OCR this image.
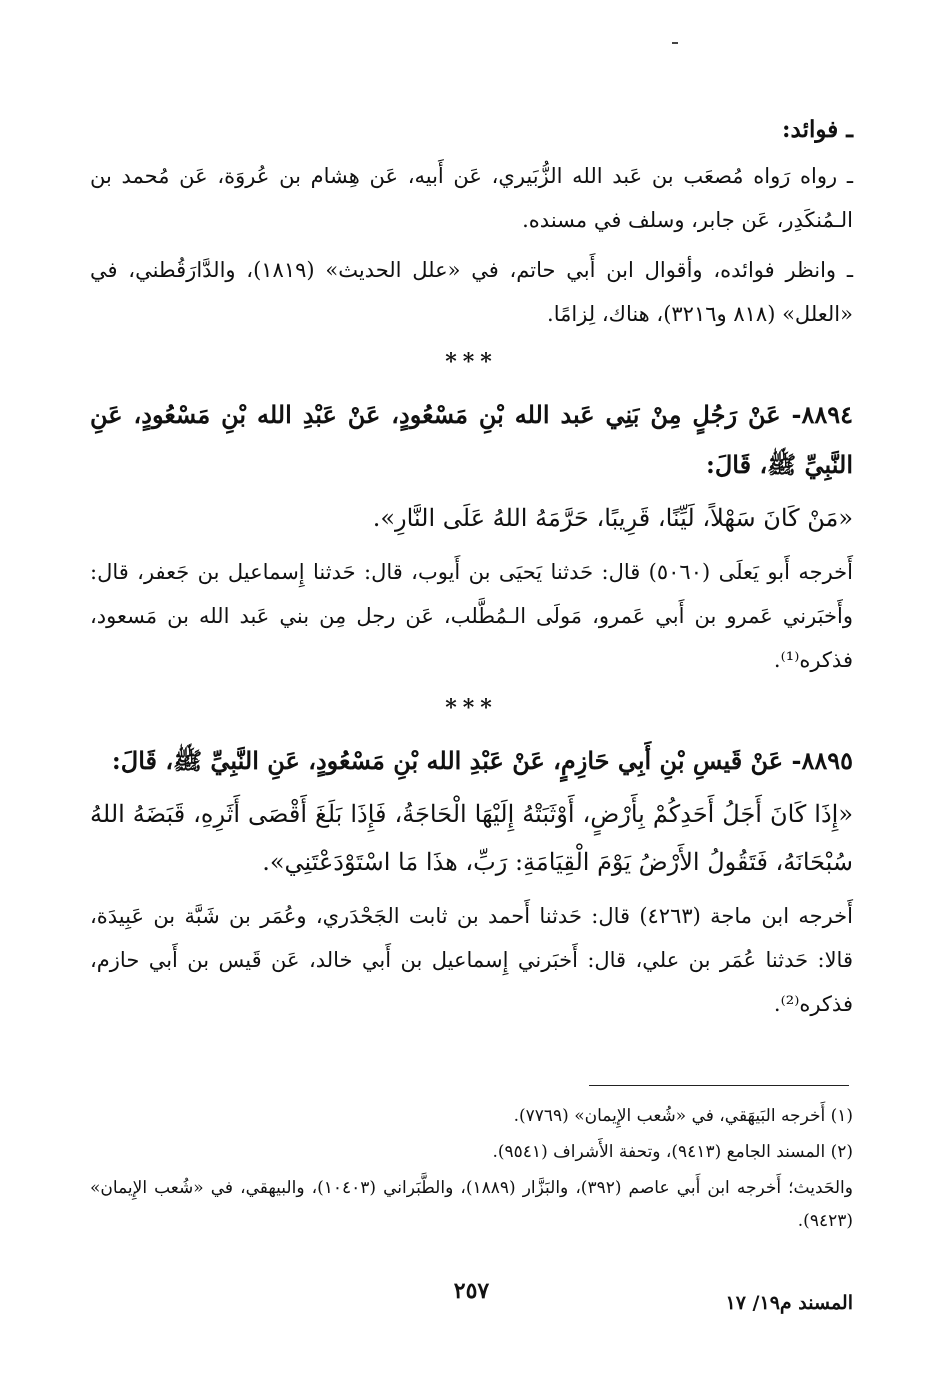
ـ فوائد:

ـ رواه رَواه مُصعَب بن عَبد الله الزُّبَيري، عَن أَبيه، عَن هِشام بن عُروَة، عَن مُحمد بن الـمُنكَدِر، عَن جابر، وسلف في مسنده.

ـ وانظر فوائده، وأقوال ابن أَبي حاتم، في «علل الحديث» (١٨١٩)، والدَّارَقُطني، في «العلل» (٨١٨ و٣٢١٦)، هناك، لِزامًا.

***

٨٨٩٤- عَنْ رَجُلٍ مِنْ بَنِي عَبد الله بْنِ مَسْعُودٍ، عَنْ عَبْدِ الله بْنِ مَسْعُودٍ، عَنِ النَّبِيِّ ﷺ، قَالَ:

«مَنْ كَانَ سَهْلاً، لَيِّنًا، قَرِيبًا، حَرَّمَهُ اللهُ عَلَى النَّارِ».

أَخرجه أَبو يَعلَى (٥٠٦٠) قال: حَدثنا يَحيَى بن أَيوب، قال: حَدثنا إِسماعيل بن جَعفر، قال: وأَخبَرني عَمرو بن أَبي عَمرو، مَولَى الـمُطَّلب، عَن رجل مِن بني عَبد الله بن مَسعود، فذكره⁽¹⁾.

***

٨٨٩٥- عَنْ قَيسِ بْنِ أَبِي حَازِمٍ، عَنْ عَبْدِ الله بْنِ مَسْعُودٍ، عَنِ النَّبِيِّ ﷺ، قَالَ:

«إِذَا كَانَ أَجَلُ أَحَدِكُمْ بِأَرْضٍ، أَوْثَبَتْهُ إِلَيْهَا الْحَاجَةُ، فَإِذَا بَلَغَ أَقْصَى أَثَرِهِ، قَبَضَهُ اللهُ سُبْحَانَهُ، فَتَقُولُ الأَرْضُ يَوْمَ الْقِيَامَةِ: رَبِّ، هذَا مَا اسْتَوْدَعْتَنِي».

أَخرجه ابن ماجة (٤٢٦٣) قال: حَدثنا أَحمد بن ثابت الجَحْدَري، وعُمَر بن شَبَّة بن عَبِيدَة، قالا: حَدثنا عُمَر بن علي، قال: أَخبَرني إِسماعيل بن أَبي خالد، عَن قَيس بن أَبي حازم، فذكره⁽²⁾.

(١) أَخرجه البَيهَقي، في «شُعب الإِيمان» (٧٧٦٩).

(٢) المسند الجامع (٩٤١٣)، وتحفة الأَشراف (٩٥٤١).

والحَديث؛ أَخرجه ابن أَبي عاصم (٣٩٢)، والبَزَّار (١٨٨٩)، والطَّبَراني (١٠٤٠٣)، والبيهقي، في «شُعب الإِيمان» (٩٤٢٣).

٢٥٧	المسند م١٩/ ١٧
